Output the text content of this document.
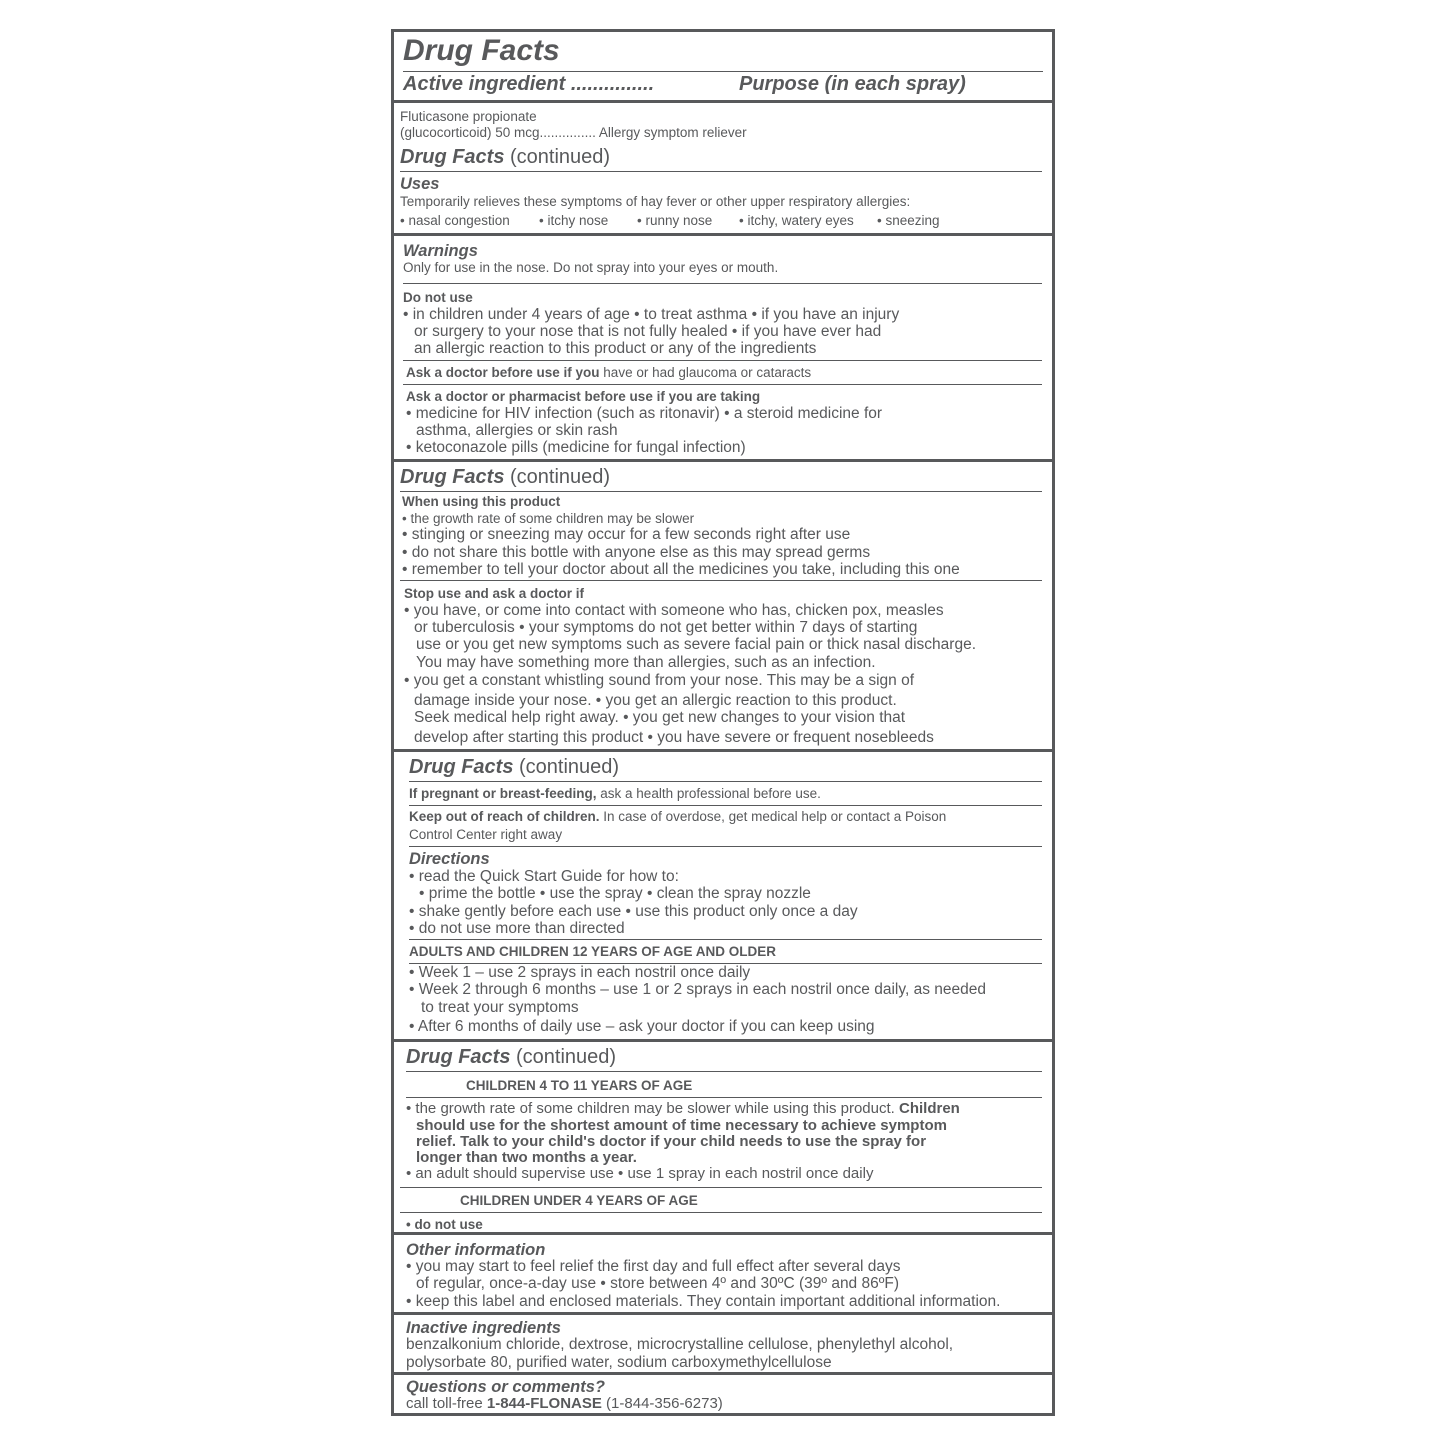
Drug Facts
Active ingredient ...............	Purpose (in each spray)
Fluticasone propionate
(glucocorticoid) 50 mcg............... Allergy symptom reliever
Drug Facts (continued)
Uses
Temporarily relieves these symptoms of hay fever or other upper respiratory allergies:
• nasal congestion • itchy nose • runny nose • itchy, watery eyes • sneezing
Warnings
Only for use in the nose. Do not spray into your eyes or mouth.
Do not use
• in children under 4 years of age • to treat asthma • if you have an injury
or surgery to your nose that is not fully healed • if you have ever had
an allergic reaction to this product or any of the ingredients
Ask a doctor before use if you have or had glaucoma or cataracts
Ask a doctor or pharmacist before use if you are taking
• medicine for HIV infection (such as ritonavir) • a steroid medicine for
asthma, allergies or skin rash
• ketoconazole pills (medicine for fungal infection)
Drug Facts (continued)
When using this product
• the growth rate of some children may be slower
• stinging or sneezing may occur for a few seconds right after use
• do not share this bottle with anyone else as this may spread germs
• remember to tell your doctor about all the medicines you take, including this one
Stop use and ask a doctor if
• you have, or come into contact with someone who has, chicken pox, measles
or tuberculosis • your symptoms do not get better within 7 days of starting
use or you get new symptoms such as severe facial pain or thick nasal discharge.
You may have something more than allergies, such as an infection.
• you get a constant whistling sound from your nose. This may be a sign of
damage inside your nose. • you get an allergic reaction to this product.
Seek medical help right away. • you get new changes to your vision that
develop after starting this product • you have severe or frequent nosebleeds
Drug Facts (continued)
If pregnant or breast-feeding, ask a health professional before use.
Keep out of reach of children. In case of overdose, get medical help or contact a Poison
Control Center right away
Directions
• read the Quick Start Guide for how to:
• prime the bottle • use the spray • clean the spray nozzle
• shake gently before each use • use this product only once a day
• do not use more than directed
ADULTS AND CHILDREN 12 YEARS OF AGE AND OLDER
• Week 1 – use 2 sprays in each nostril once daily
• Week 2 through 6 months – use 1 or 2 sprays in each nostril once daily, as needed
to treat your symptoms
• After 6 months of daily use – ask your doctor if you can keep using
Drug Facts (continued)
CHILDREN 4 TO 11 YEARS OF AGE
• the growth rate of some children may be slower while using this product. Children
should use for the shortest amount of time necessary to achieve symptom
relief. Talk to your child's doctor if your child needs to use the spray for
longer than two months a year.
• an adult should supervise use • use 1 spray in each nostril once daily
CHILDREN UNDER 4 YEARS OF AGE
• do not use
Other information
• you may start to feel relief the first day and full effect after several days
of regular, once-a-day use • store between 4º and 30ºC (39º and 86ºF)
• keep this label and enclosed materials. They contain important additional information.
Inactive ingredients
benzalkonium chloride, dextrose, microcrystalline cellulose, phenylethyl alcohol,
polysorbate 80, purified water, sodium carboxymethylcellulose
Questions or comments?
call toll-free 1-844-FLONASE (1-844-356-6273)
